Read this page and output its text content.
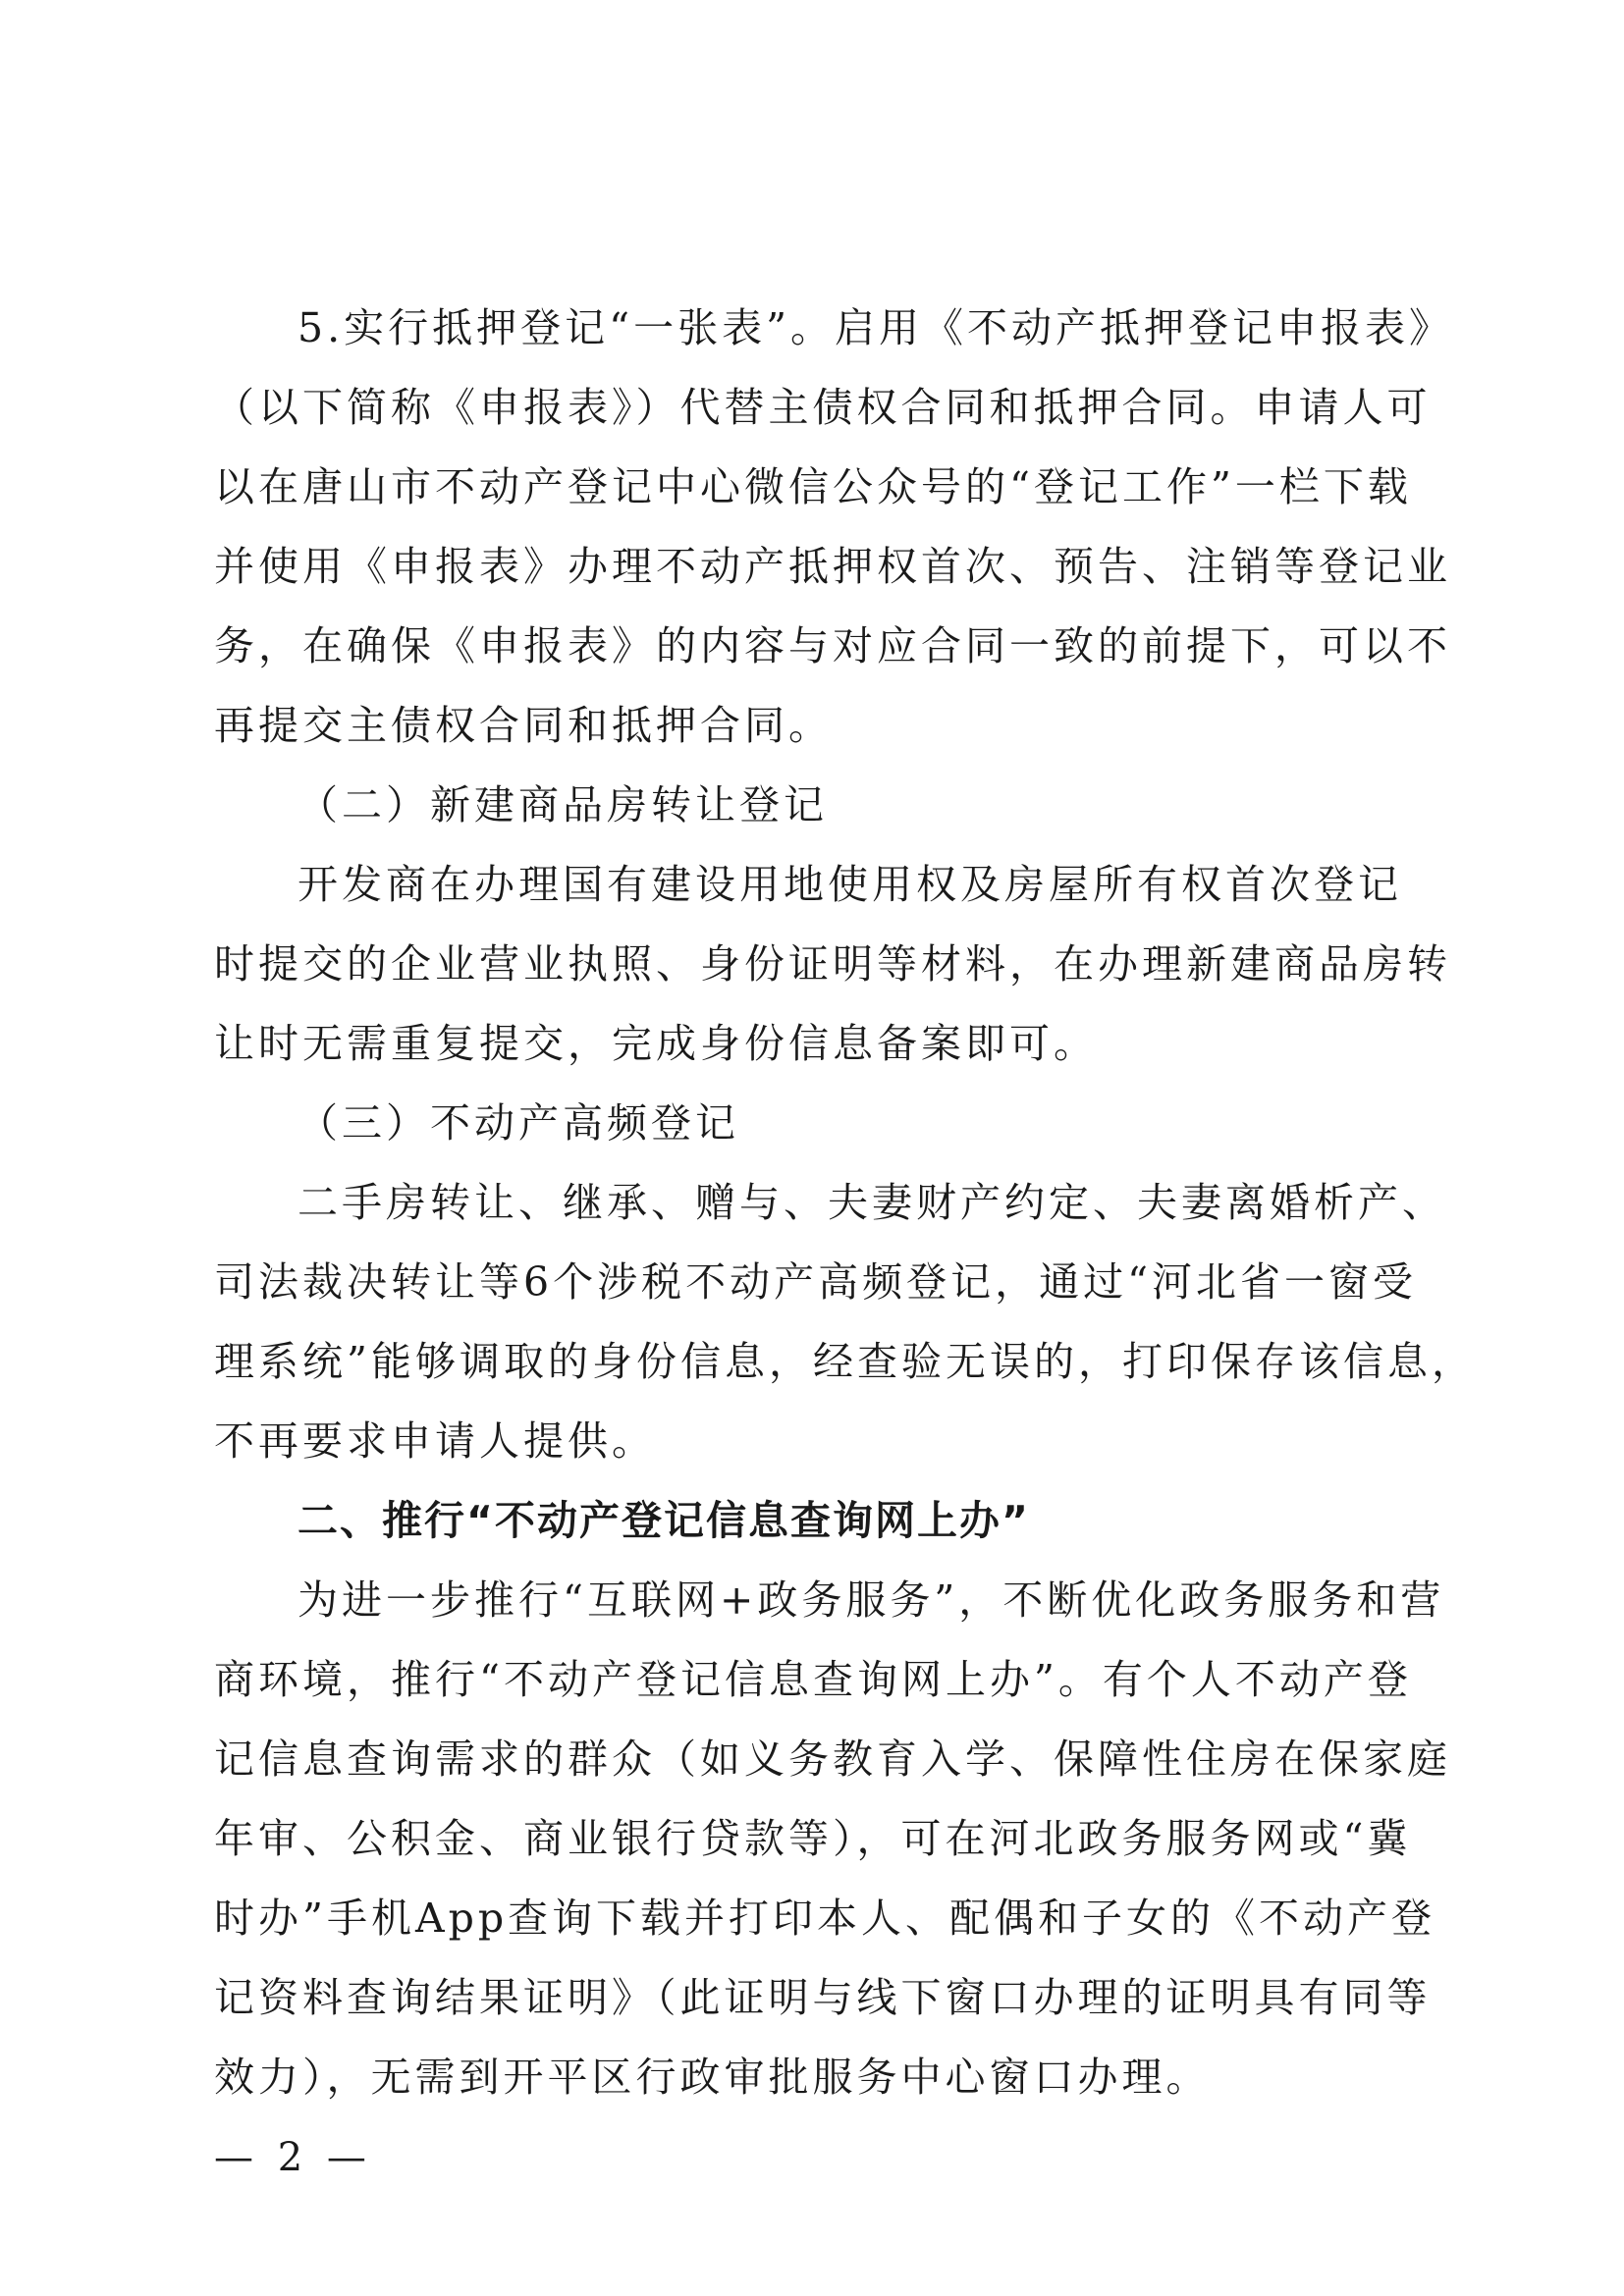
5.实行抵押登记“一张表”。启用《不动产抵押登记申报表》
（以下简称《申报表》）代替主债权合同和抵押合同。申请人可
以在唐山市不动产登记中心微信公众号的“登记工作”一栏下载
并使用《申报表》办理不动产抵押权首次、预告、注销等登记业
务，在确保《申报表》的内容与对应合同一致的前提下，可以不
再提交主债权合同和抵押合同。
（二）新建商品房转让登记
开发商在办理国有建设用地使用权及房屋所有权首次登记
时提交的企业营业执照、身份证明等材料，在办理新建商品房转
让时无需重复提交，完成身份信息备案即可。
（三）不动产高频登记
二手房转让、继承、赠与、夫妻财产约定、夫妻离婚析产、
司法裁决转让等6个涉税不动产高频登记，通过“河北省一窗受
理系统”能够调取的身份信息，经查验无误的，打印保存该信息，
不再要求申请人提供。
二、推行“不动产登记信息查询网上办”
为进一步推行“互联网+政务服务”，不断优化政务服务和营
商环境，推行“不动产登记信息查询网上办”。有个人不动产登
记信息查询需求的群众（如义务教育入学、保障性住房在保家庭
年审、公积金、商业银行贷款等），可在河北政务服务网或“冀
时办”手机App查询下载并打印本人、配偶和子女的《不动产登
记资料查询结果证明》（此证明与线下窗口办理的证明具有同等
效力），无需到开平区行政审批服务中心窗口办理。
— 2 —
